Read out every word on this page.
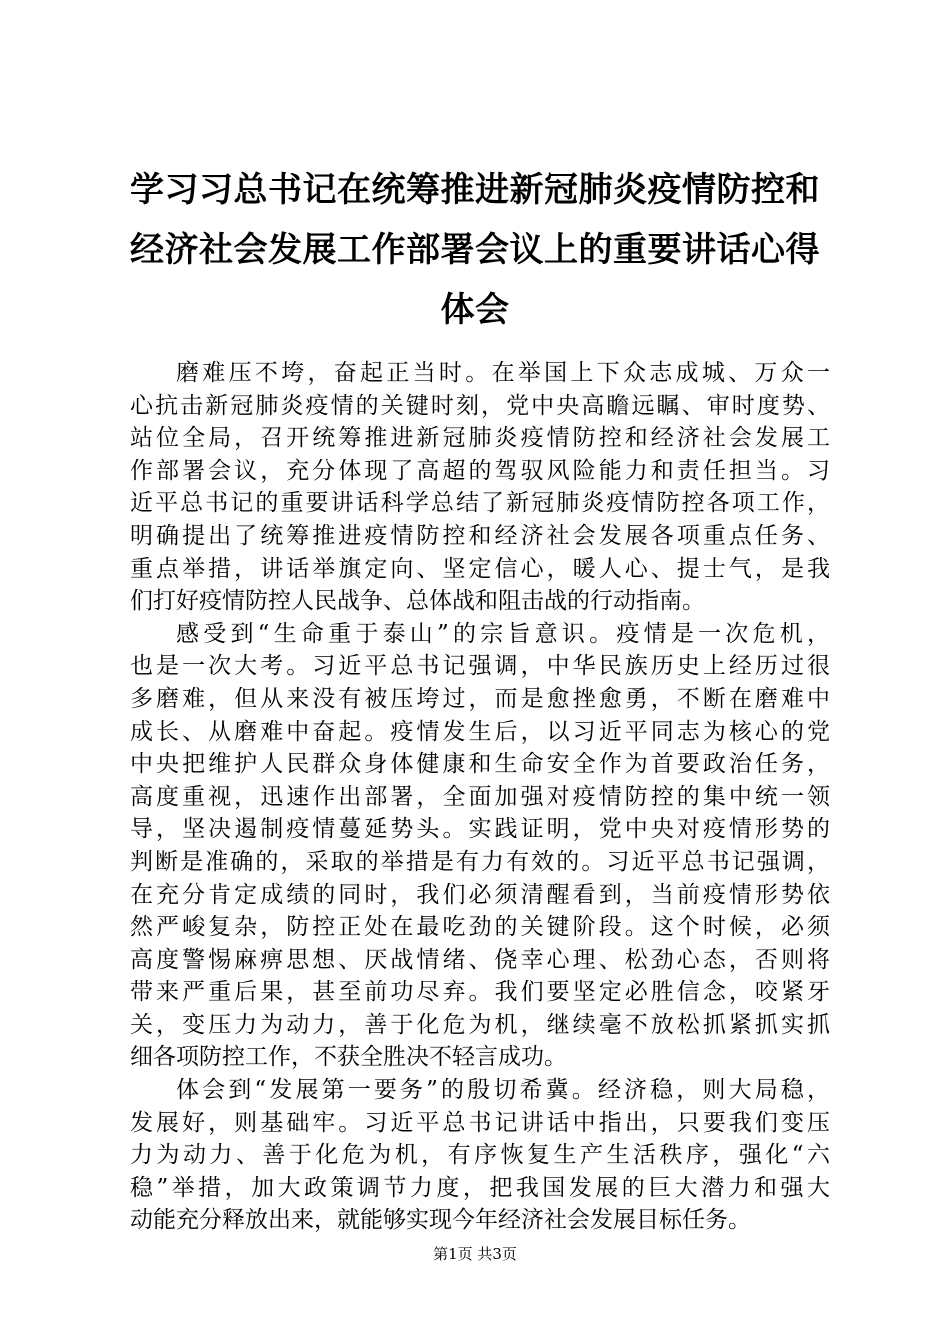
学习习总书记在统筹推进新冠肺炎疫情防控和
经济社会发展工作部署会议上的重要讲话心得
体会
磨难压不垮，奋起正当时。在举国上下众志成城、万众一
心抗击新冠肺炎疫情的关键时刻，党中央高瞻远瞩、审时度势、
站位全局，召开统筹推进新冠肺炎疫情防控和经济社会发展工
作部署会议，充分体现了高超的驾驭风险能力和责任担当。习
近平总书记的重要讲话科学总结了新冠肺炎疫情防控各项工作，
明确提出了统筹推进疫情防控和经济社会发展各项重点任务、
重点举措，讲话举旗定向、坚定信心，暖人心、提士气，是我
们打好疫情防控人民战争、总体战和阻击战的行动指南。
感受到“生命重于泰山”的宗旨意识。疫情是一次危机，
也是一次大考。习近平总书记强调，中华民族历史上经历过很
多磨难，但从来没有被压垮过，而是愈挫愈勇，不断在磨难中
成长、从磨难中奋起。疫情发生后，以习近平同志为核心的党
中央把维护人民群众身体健康和生命安全作为首要政治任务，
高度重视，迅速作出部署，全面加强对疫情防控的集中统一领
导，坚决遏制疫情蔓延势头。实践证明，党中央对疫情形势的
判断是准确的，采取的举措是有力有效的。习近平总书记强调，
在充分肯定成绩的同时，我们必须清醒看到，当前疫情形势依
然严峻复杂，防控正处在最吃劲的关键阶段。这个时候，必须
高度警惕麻痹思想、厌战情绪、侥幸心理、松劲心态，否则将
带来严重后果，甚至前功尽弃。我们要坚定必胜信念，咬紧牙
关，变压力为动力，善于化危为机，继续毫不放松抓紧抓实抓
细各项防控工作，不获全胜决不轻言成功。
体会到“发展第一要务”的殷切希冀。经济稳，则大局稳，
发展好，则基础牢。习近平总书记讲话中指出，只要我们变压
力为动力、善于化危为机，有序恢复生产生活秩序，强化“六
稳”举措，加大政策调节力度，把我国发展的巨大潜力和强大
动能充分释放出来，就能够实现今年经济社会发展目标任务。
第1页 共3页
